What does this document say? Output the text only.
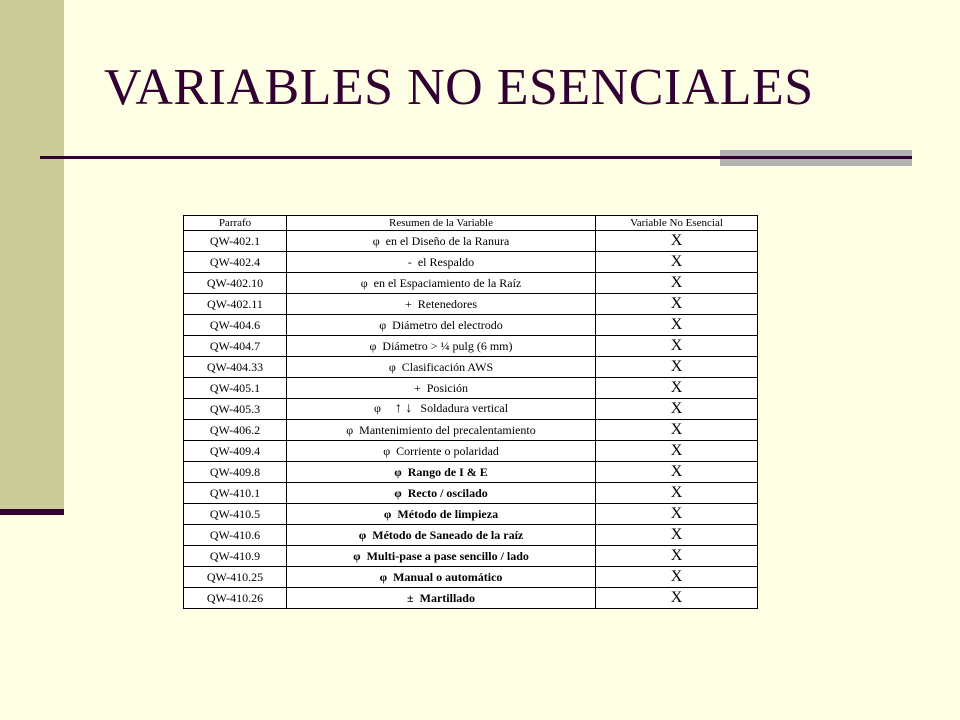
VARIABLES NO ESENCIALES
Parrafo	Resumen de la Variable	Variable No Esencial
QW-402.1	φ en el Diseño de la Ranura	X
QW-402.4	- el Respaldo	X
QW-402.10	φ en el Espaciamiento de la Raíz	X
QW-402.11	+ Retenedores	X
QW-404.6	φ Diámetro del electrodo	X
QW-404.7	φ Diámetro > ¼ pulg (6 mm)	X
QW-404.33	φ Clasificación AWS	X
QW-405.1	+ Posición	X
QW-405.3	φ ↑ ↓ Soldadura vertical	X
QW-406.2	φ Mantenimiento del precalentamiento	X
QW-409.4	φ Corriente o polaridad	X
QW-409.8	φ Rango de I & E	X
QW-410.1	φ Recto / oscilado	X
QW-410.5	φ Método de limpieza	X
QW-410.6	φ Método de Saneado de la raíz	X
QW-410.9	φ Multi-pase a pase sencillo / lado	X
QW-410.25	φ Manual o automático	X
QW-410.26	± Martillado	X
